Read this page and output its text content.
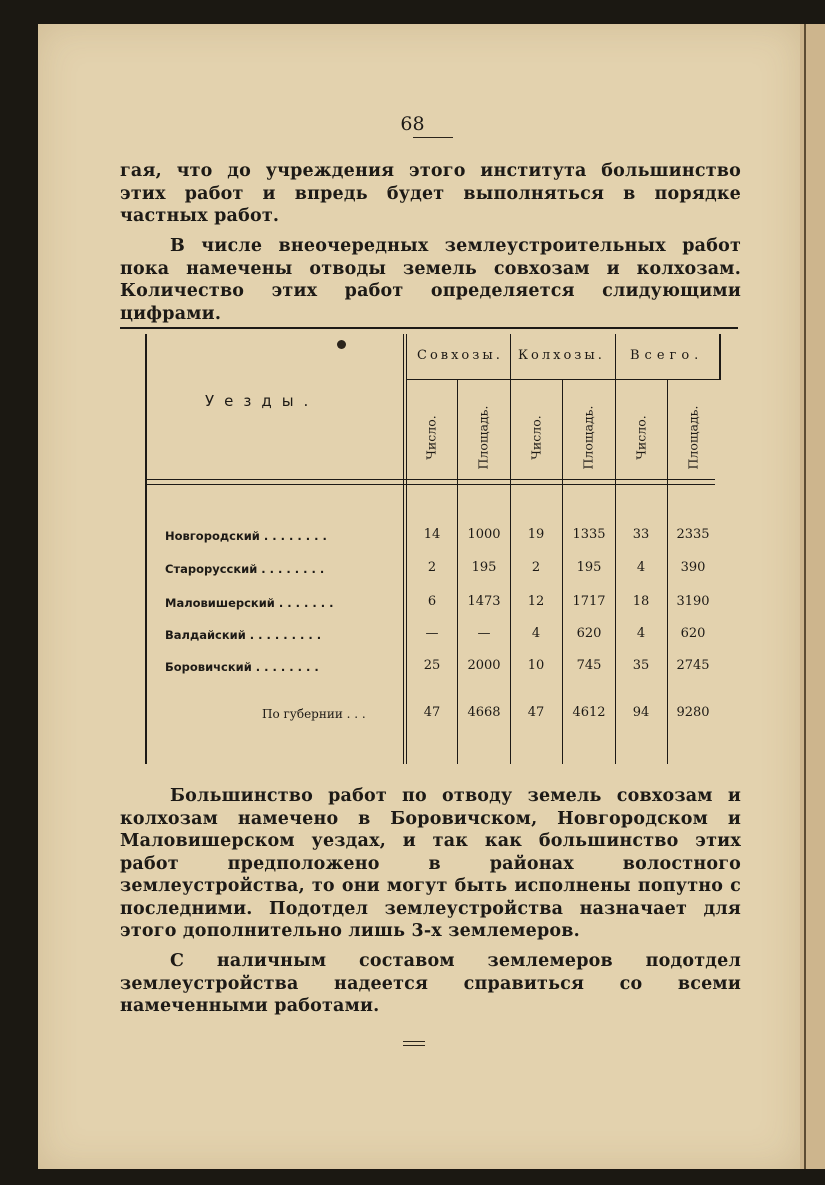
68
гая, что до учреждения этого института большинство этих работ и впредь будет выполняться в порядке частных работ.
В числе внеочередных землеустроительных работ пока намечены отводы земель совхозам и колхозам. Количество этих работ определяется слидующими цифрами.
Уезды.
Совхозы. Колхозы. Всего.
Число.	Площадь.	Число.	Площадь.	Число.	Площадь.
Новгородский . . . . . . . .	14	1000	19	1335	33	2335
Старорусский . . . . . . . .	2	195	2	195	4	390
Маловишерский . . . . . . .	6	1473	12	1717	18	3190
Валдайский . . . . . . . . .	—	—	4	620	4	620
Боровичский . . . . . . . .	25	2000	10	745	35	2745
По губернии . . .	47	4668	47	4612	94	9280
Большинство работ по отводу земель совхозам и колхозам намечено в Боровичском, Новгородском и Маловишерском уездах, и так как большинство этих работ предположено в районах волостного землеустройства, то они могут быть исполнены попутно с последними. Подотдел землеустройства назначает для этого дополнительно лишь 3-х землемеров.
С наличным составом землемеров подотдел землеустройства надеется справиться со всеми намеченными работами.
